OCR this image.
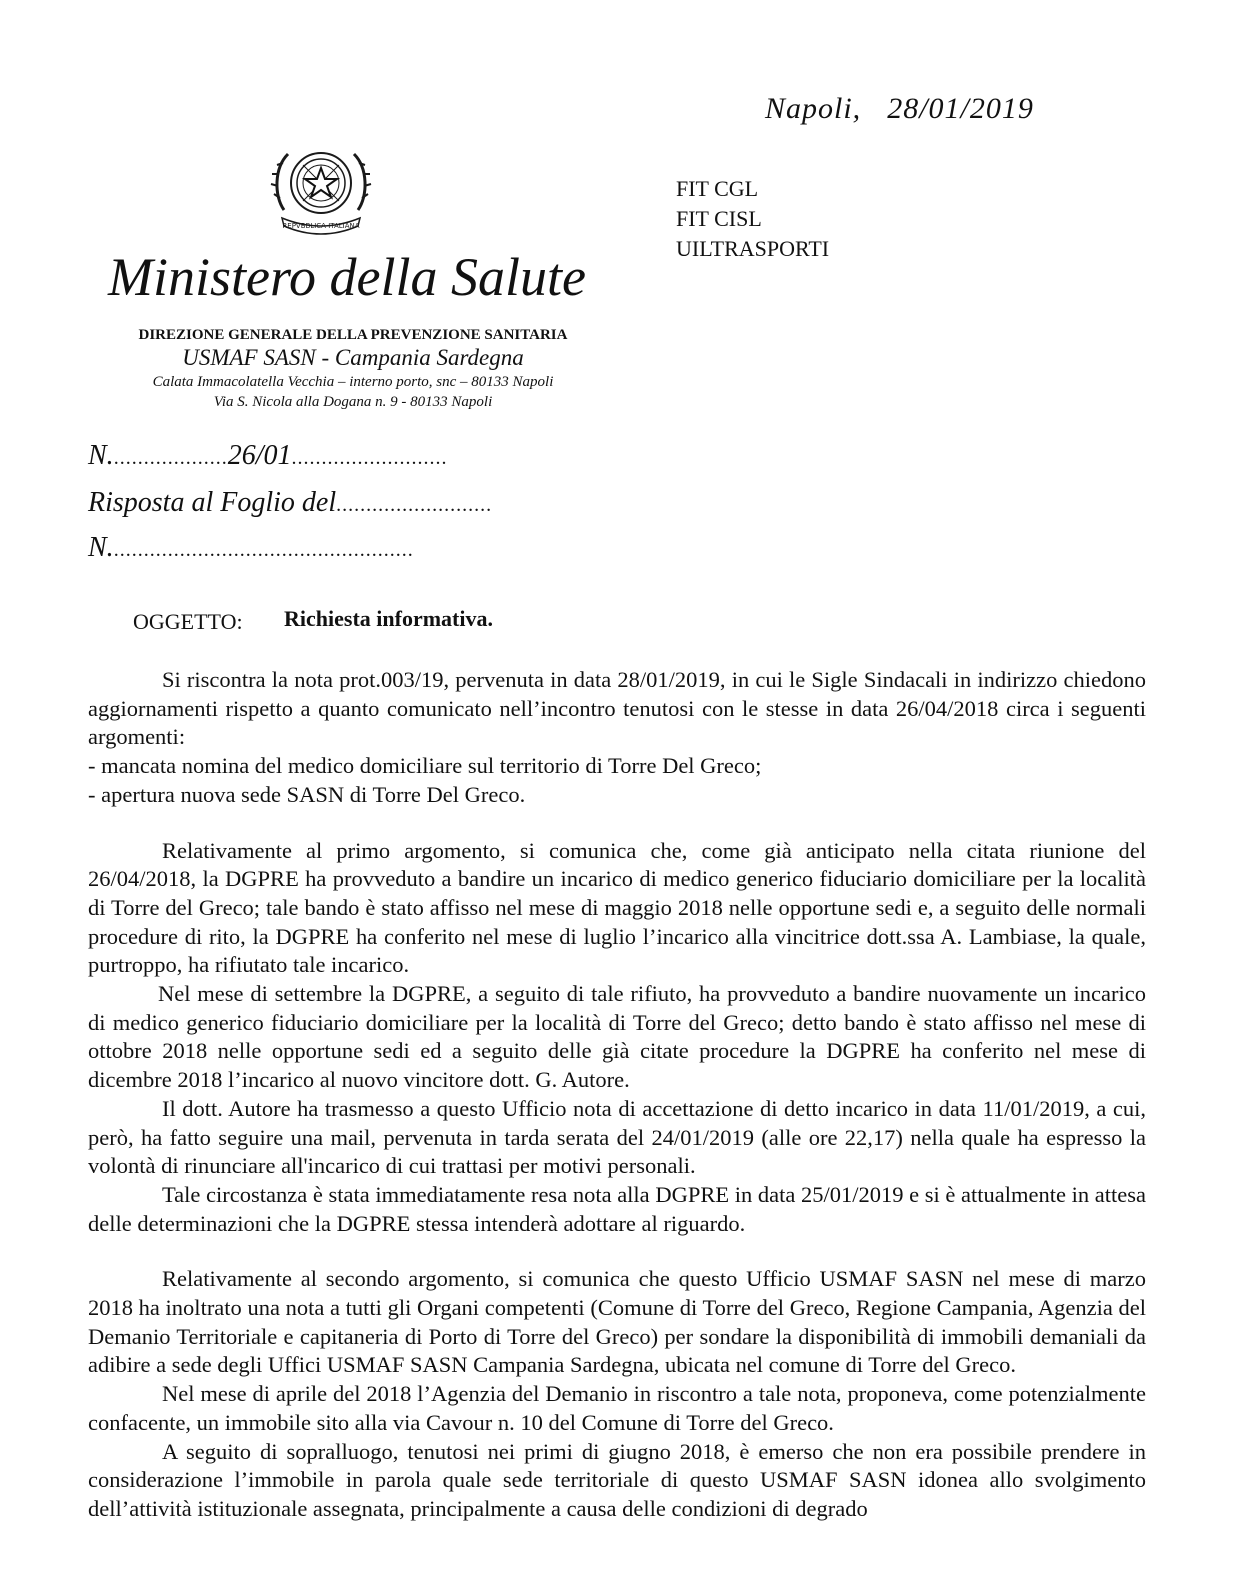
Napoli, 28/01/2019
REPVBBLICA ITALIANA
FIT CGL
FIT CISL
UILTRASPORTI
Ministero della Salute
DIREZIONE GENERALE DELLA PREVENZIONE SANITARIA
USMAF SASN - Campania Sardegna
Calata Immacolatella Vecchia – interno porto, snc – 80133 Napoli
Via S. Nicola alla Dogana n. 9 - 80133 Napoli
N....................26/01..........................
Risposta al Foglio del..........................
N...................................................
OGGETTO: Richiesta informativa.

Si riscontra la nota prot.003/19, pervenuta in data 28/01/2019, in cui le Sigle Sindacali in indirizzo chiedono aggiornamenti rispetto a quanto comunicato nell’incontro tenutosi con le stesse in data 26/04/2018 circa i seguenti argomenti:

- mancata nomina del medico domiciliare sul territorio di Torre Del Greco;

- apertura nuova sede SASN di Torre Del Greco.

Relativamente al primo argomento, si comunica che, come già anticipato nella citata riunione del 26/04/2018, la DGPRE ha provveduto a bandire un incarico di medico generico fiduciario domiciliare per la località di Torre del Greco; tale bando è stato affisso nel mese di maggio 2018 nelle opportune sedi e, a seguito delle normali procedure di rito, la DGPRE ha conferito nel mese di luglio l’incarico alla vincitrice dott.ssa A. Lambiase, la quale, purtroppo, ha rifiutato tale incarico.

Nel mese di settembre la DGPRE, a seguito di tale rifiuto, ha provveduto a bandire nuovamente un incarico di medico generico fiduciario domiciliare per la località di Torre del Greco; detto bando è stato affisso nel mese di ottobre 2018 nelle opportune sedi ed a seguito delle già citate procedure la DGPRE ha conferito nel mese di dicembre 2018 l’incarico al nuovo vincitore dott. G. Autore.

Il dott. Autore ha trasmesso a questo Ufficio nota di accettazione di detto incarico in data 11/01/2019, a cui, però, ha fatto seguire una mail, pervenuta in tarda serata del 24/01/2019 (alle ore 22,17) nella quale ha espresso la volontà di rinunciare all'incarico di cui trattasi per motivi personali.

Tale circostanza è stata immediatamente resa nota alla DGPRE in data 25/01/2019 e si è attualmente in attesa delle determinazioni che la DGPRE stessa intenderà adottare al riguardo.

Relativamente al secondo argomento, si comunica che questo Ufficio USMAF SASN nel mese di marzo 2018 ha inoltrato una nota a tutti gli Organi competenti (Comune di Torre del Greco, Regione Campania, Agenzia del Demanio Territoriale e capitaneria di Porto di Torre del Greco) per sondare la disponibilità di immobili demaniali da adibire a sede degli Uffici USMAF SASN Campania Sardegna, ubicata nel comune di Torre del Greco.

Nel mese di aprile del 2018 l’Agenzia del Demanio in riscontro a tale nota, proponeva, come potenzialmente confacente, un immobile sito alla via Cavour n. 10 del Comune di Torre del Greco.

A seguito di sopralluogo, tenutosi nei primi di giugno 2018, è emerso che non era possibile prendere in considerazione l’immobile in parola quale sede territoriale di questo USMAF SASN idonea allo svolgimento dell’attività istituzionale assegnata, principalmente a causa delle condizioni di degrado
